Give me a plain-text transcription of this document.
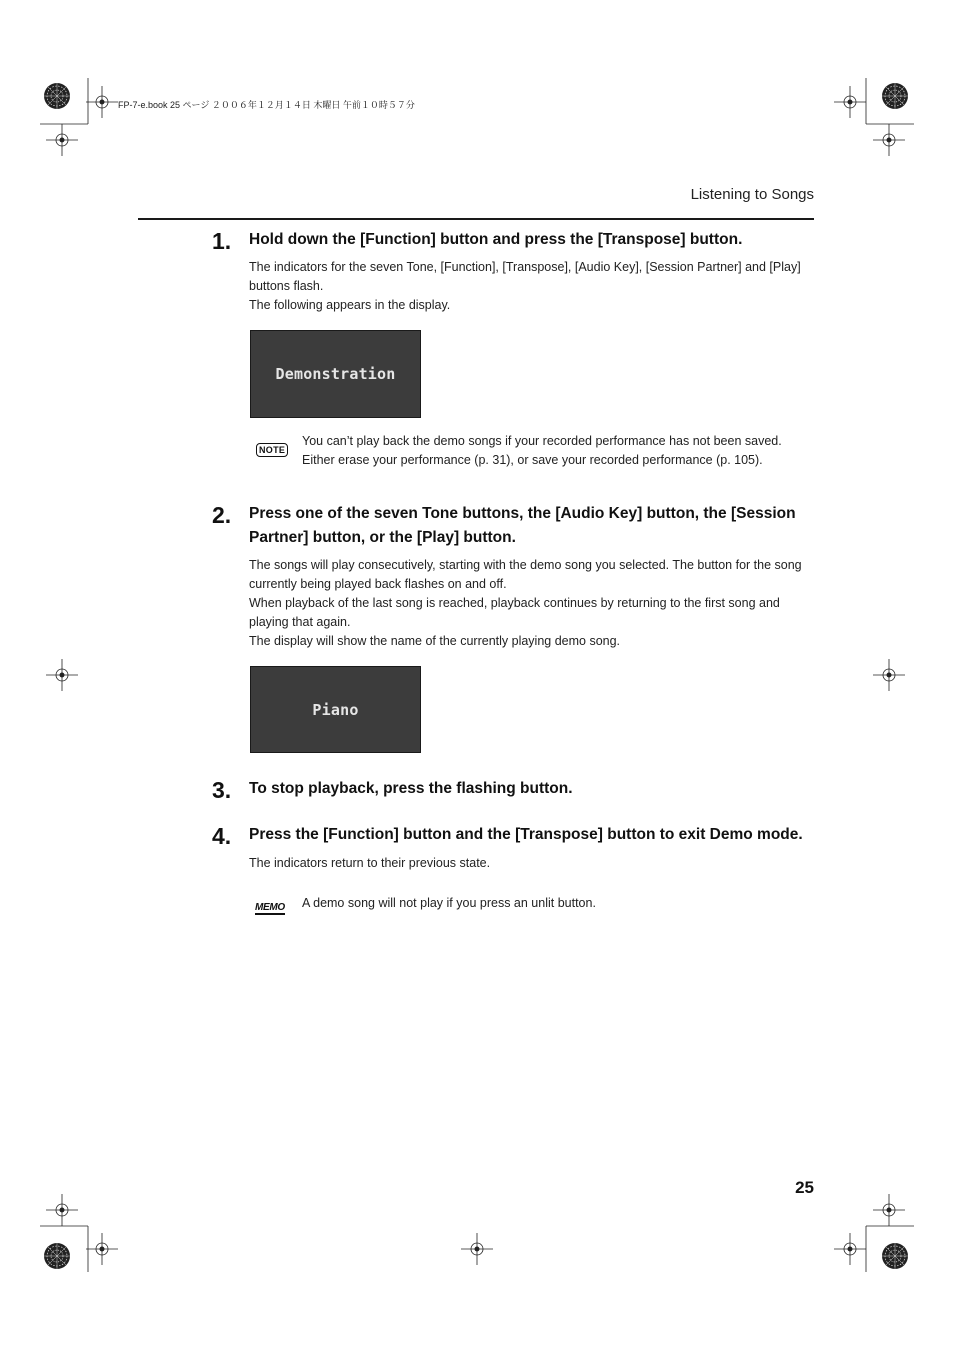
FP-7-e.book 25 ページ ２００６年１２月１４日 木曜日 午前１０時５７分
Listening to Songs
1.	Hold down the [Function] button and press the [Transpose] button.

The indicators for the seven Tone, [Function], [Transpose], [Audio Key], [Session Partner] and [Play] buttons flash.

The following appears in the display.

Demonstration
NOTE

You can’t play back the demo songs if your recorded performance has not been saved. Either erase your performance (p. 31), or save your recorded performance (p. 105).

2.	Press one of the seven Tone buttons, the [Audio Key] button, the [Session Partner] button, or the [Play] button.

The songs will play consecutively, starting with the demo song you selected. The button for the song currently being played back flashes on and off.

When playback of the last song is reached, playback continues by returning to the first song and playing that again.

The display will show the name of the currently playing demo song.

Piano
3.	To stop playback, press the flashing button.
4.	Press the [Function] button and the [Transpose] button to exit Demo mode.

The indicators return to their previous state.

MEMO A demo song will not play if you press an unlit button.

25
